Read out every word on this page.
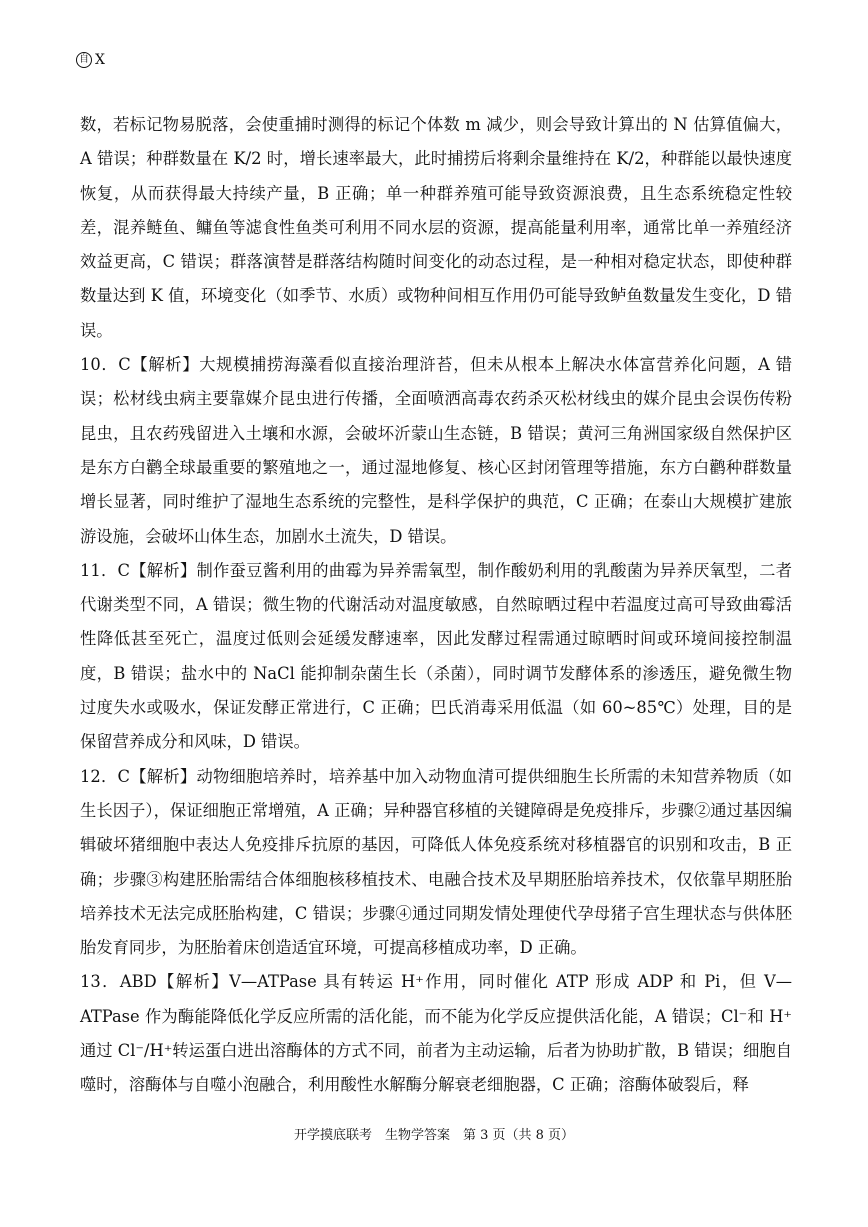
自 X

数，若标记物易脱落，会使重捕时测得的标记个体数 m 减少，则会导致计算出的 N 估算值偏大，A 错误；种群数量在 K/2 时，增长速率最大，此时捕捞后将剩余量维持在 K/2，种群能以最快速度恢复，从而获得最大持续产量，B 正确；单一种群养殖可能导致资源浪费，且生态系统稳定性较差，混养鲢鱼、鳙鱼等滤食性鱼类可利用不同水层的资源，提高能量利用率，通常比单一养殖经济效益更高，C 错误；群落演替是群落结构随时间变化的动态过程，是一种相对稳定状态，即使种群数量达到 K 值，环境变化（如季节、水质）或物种间相互作用仍可能导致鲈鱼数量发生变化，D 错误。

10．C【解析】大规模捕捞海藻看似直接治理浒苔，但未从根本上解决水体富营养化问题，A 错误；松材线虫病主要靠媒介昆虫进行传播，全面喷洒高毒农药杀灭松材线虫的媒介昆虫会误伤传粉昆虫，且农药残留进入土壤和水源，会破坏沂蒙山生态链，B 错误；黄河三角洲国家级自然保护区是东方白鹳全球最重要的繁殖地之一，通过湿地修复、核心区封闭管理等措施，东方白鹳种群数量增长显著，同时维护了湿地生态系统的完整性，是科学保护的典范，C 正确；在泰山大规模扩建旅游设施，会破坏山体生态，加剧水土流失，D 错误。

11．C【解析】制作蚕豆酱利用的曲霉为异养需氧型，制作酸奶利用的乳酸菌为异养厌氧型，二者代谢类型不同，A 错误；微生物的代谢活动对温度敏感，自然晾晒过程中若温度过高可导致曲霉活性降低甚至死亡，温度过低则会延缓发酵速率，因此发酵过程需通过晾晒时间或环境间接控制温度，B 错误；盐水中的 NaCl 能抑制杂菌生长（杀菌），同时调节发酵体系的渗透压，避免微生物过度失水或吸水，保证发酵正常进行，C 正确；巴氏消毒采用低温（如 60~85℃）处理，目的是保留营养成分和风味，D 错误。

12．C【解析】动物细胞培养时，培养基中加入动物血清可提供细胞生长所需的未知营养物质（如生长因子），保证细胞正常增殖，A 正确；异种器官移植的关键障碍是免疫排斥，步骤②通过基因编辑破坏猪细胞中表达人免疫排斥抗原的基因，可降低人体免疫系统对移植器官的识别和攻击，B 正确；步骤③构建胚胎需结合体细胞核移植技术、电融合技术及早期胚胎培养技术，仅依靠早期胚胎培养技术无法完成胚胎构建，C 错误；步骤④通过同期发情处理使代孕母猪子宫生理状态与供体胚胎发育同步，为胚胎着床创造适宜环境，可提高移植成功率，D 正确。

13．ABD【解析】V—ATPase 具有转运 H⁺作用，同时催化 ATP 形成 ADP 和 Pi，但 V—ATPase 作为酶能降低化学反应所需的活化能，而不能为化学反应提供活化能，A 错误；Cl⁻和 H⁺通过 Cl⁻/H⁺转运蛋白进出溶酶体的方式不同，前者为主动运输，后者为协助扩散，B 错误；细胞自噬时，溶酶体与自噬小泡融合，利用酸性水解酶分解衰老细胞器，C 正确；溶酶体破裂后，释

开学摸底联考　生物学答案　第 3 页（共 8 页）
